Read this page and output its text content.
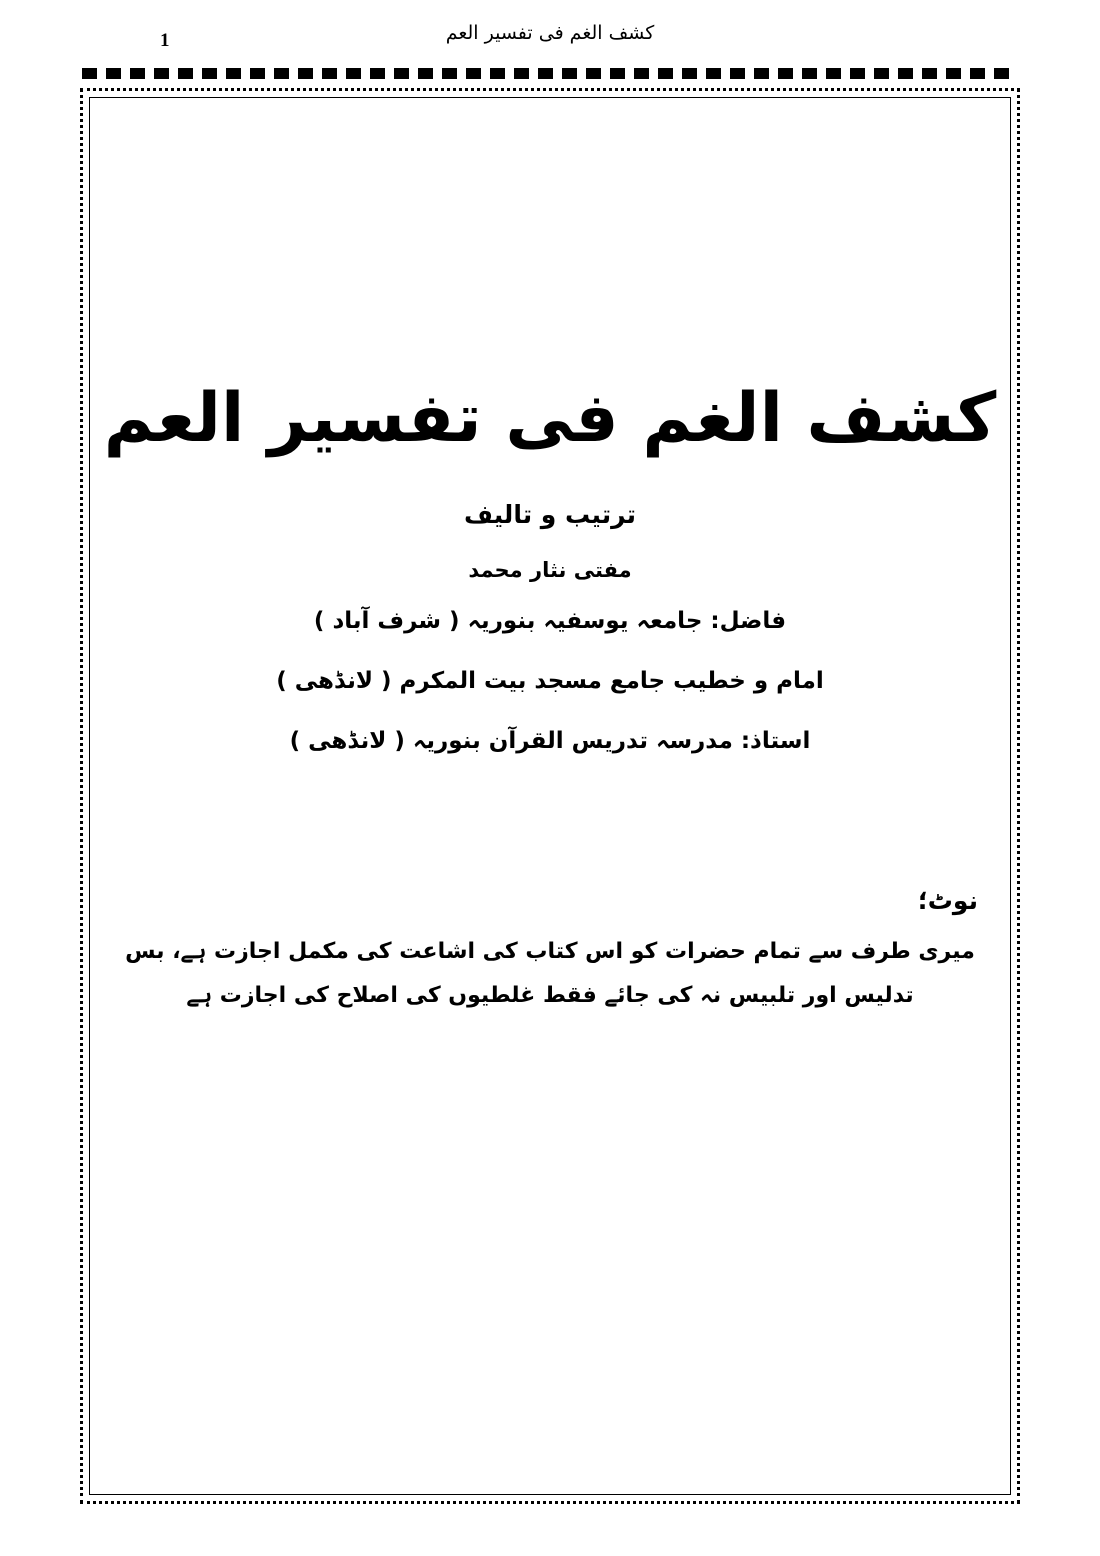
1	كشف الغم فى تفسير العم
كشف الغم فى تفسير العم
ترتیب و تالیف
مفتی نثار محمد
فاضل: جامعہ یوسفیہ بنوریہ ( شرف آباد )
امام و خطیب جامع مسجد بیت المکرم ( لانڈھی )
استاذ: مدرسہ تدریس القرآن بنوریہ ( لانڈھی )
نوٹ؛
میری طرف سے تمام حضرات کو اس کتاب کی اشاعت کی مکمل اجازت ہے، بس تدلیس اور تلبیس نہ کی جائے فقط غلطیوں کی اصلاح کی اجازت ہے
